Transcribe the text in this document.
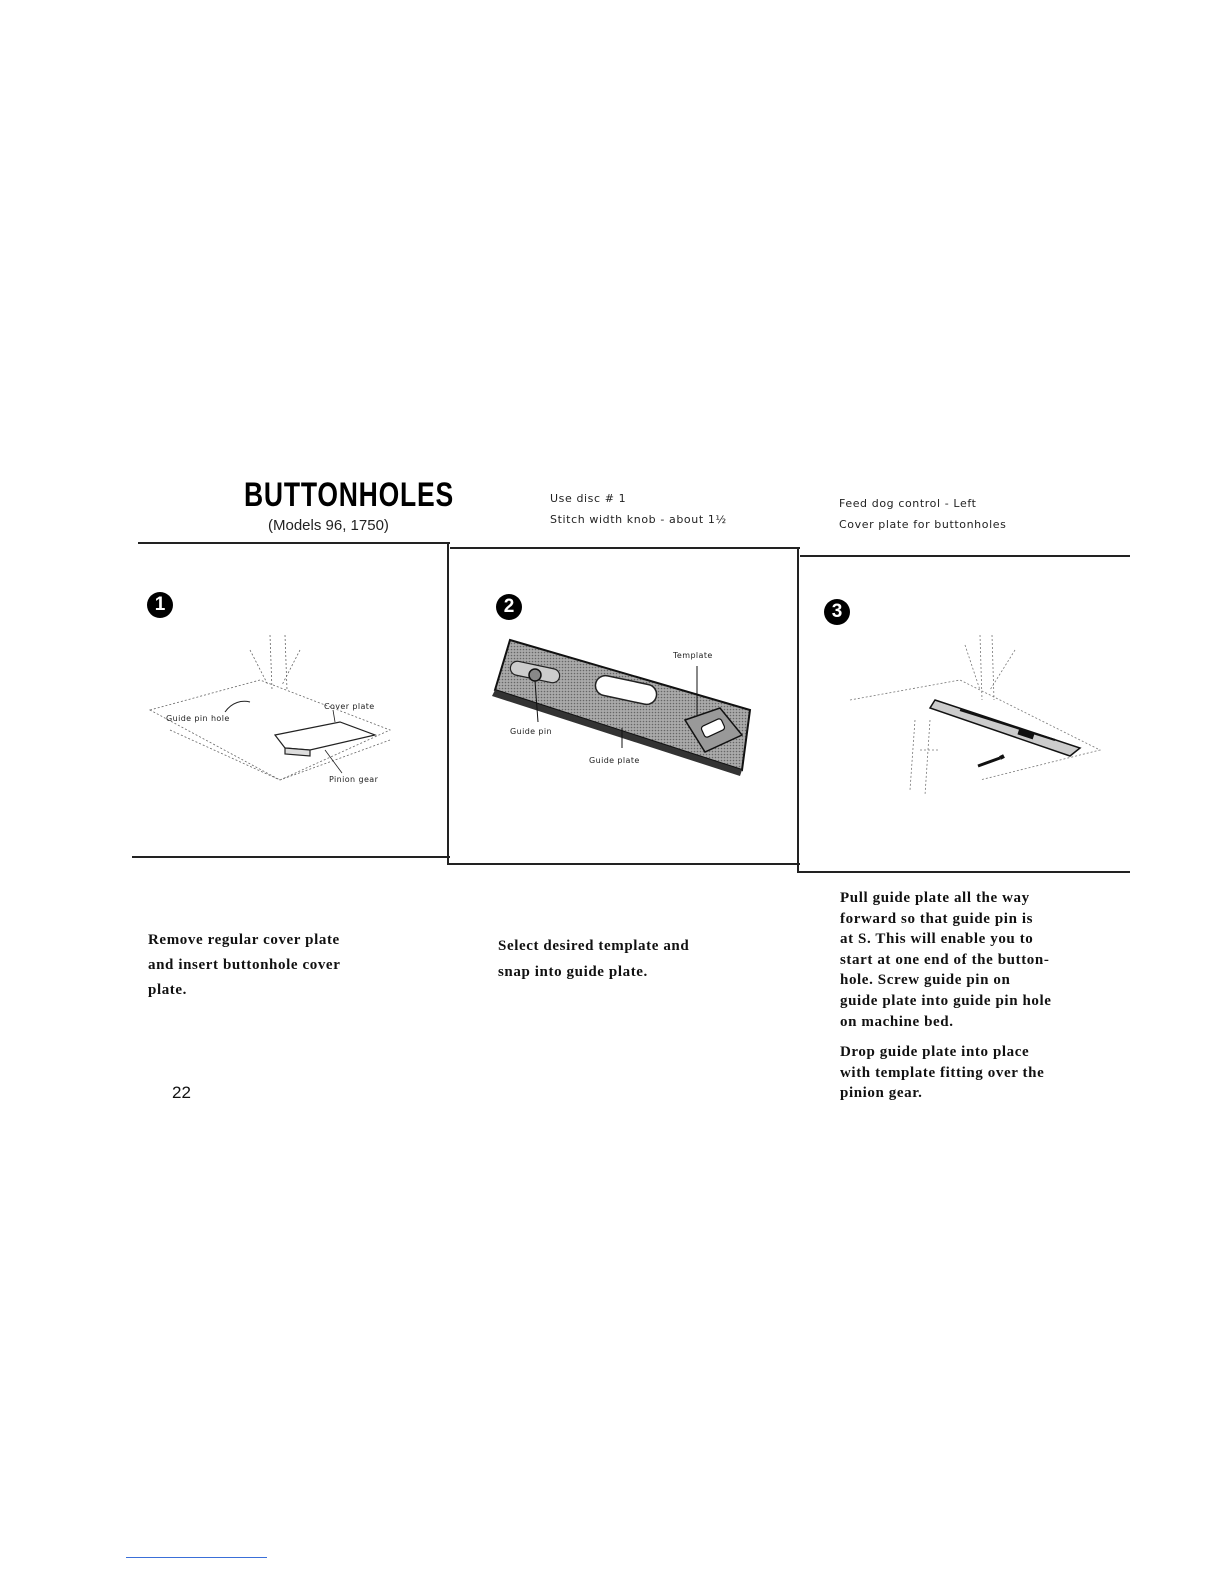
BUTTONHOLES
(Models 96, 1750)
Use disc # 1
Stitch width knob - about 1½
Feed dog control - Left
Cover plate for buttonholes
1	2	3
Guide pin hole
Cover plate
Pinion gear
Template
Guide pin
Guide plate
Remove regular cover plate
and insert buttonhole cover
plate.
Select desired template and
snap into guide plate.
Pull guide plate all the way
forward so that guide pin is
at S. This will enable you to
start at one end of the button-
hole. Screw guide pin on
guide plate into guide pin hole
on machine bed.
Drop guide plate into place
with template fitting over the
pinion gear.
22
